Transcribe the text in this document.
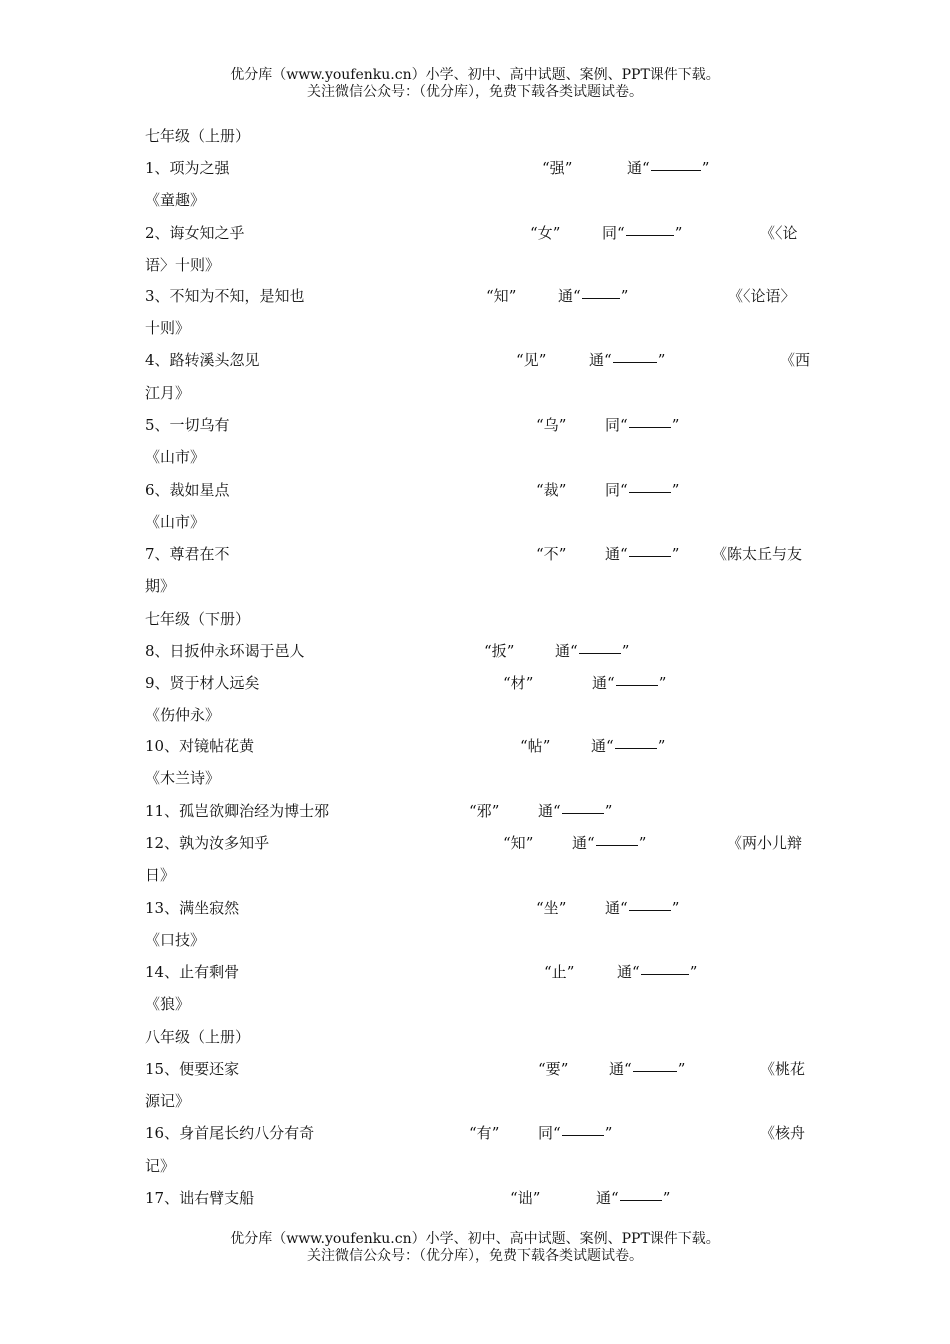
优分库（www.youfenku.cn）小学、初中、高中试题、案例、PPT课件下载。
关注微信公众号：（优分库），免费下载各类试题试卷。
七年级（上册）
1、项为之强	“强”	通“	”
《童趣》
2、诲女知之乎	“女”	同“	”	《〈论
语〉十则》
3、不知为不知，是知也	“知”	通“	”	《〈论语〉
十则》
4、路转溪头忽见	“见”	通“	”	《西
江月》
5、一切乌有	“乌”	同“	”
《山市》
6、裁如星点	“裁”	同“	”
《山市》
7、尊君在不	“不”	通“	” 《陈太丘与友
期》
七年级（下册）
8、日扳仲永环谒于邑人	“扳”	通“	”
9、贤于材人远矣	“材”	通“	”
《伤仲永》
10、对镜帖花黄	“帖”	通“	”
《木兰诗》
11、孤岂欲卿治经为博士邪	“邪”	通“	”
12、孰为汝多知乎	“知”	通“	”	《两小儿辩
日》
13、满坐寂然	“坐”	通“	”
《口技》
14、止有剩骨	“止”	通“	”
《狼》
八年级（上册）
15、便要还家	“要”	通“	”	《桃花
源记》
16、身首尾长约八分有奇	“有”	同“	”	《核舟
记》
17、诎右臂支船	“诎”	通“	”
优分库（www.youfenku.cn）小学、初中、高中试题、案例、PPT课件下载。
关注微信公众号：（优分库），免费下载各类试题试卷。
